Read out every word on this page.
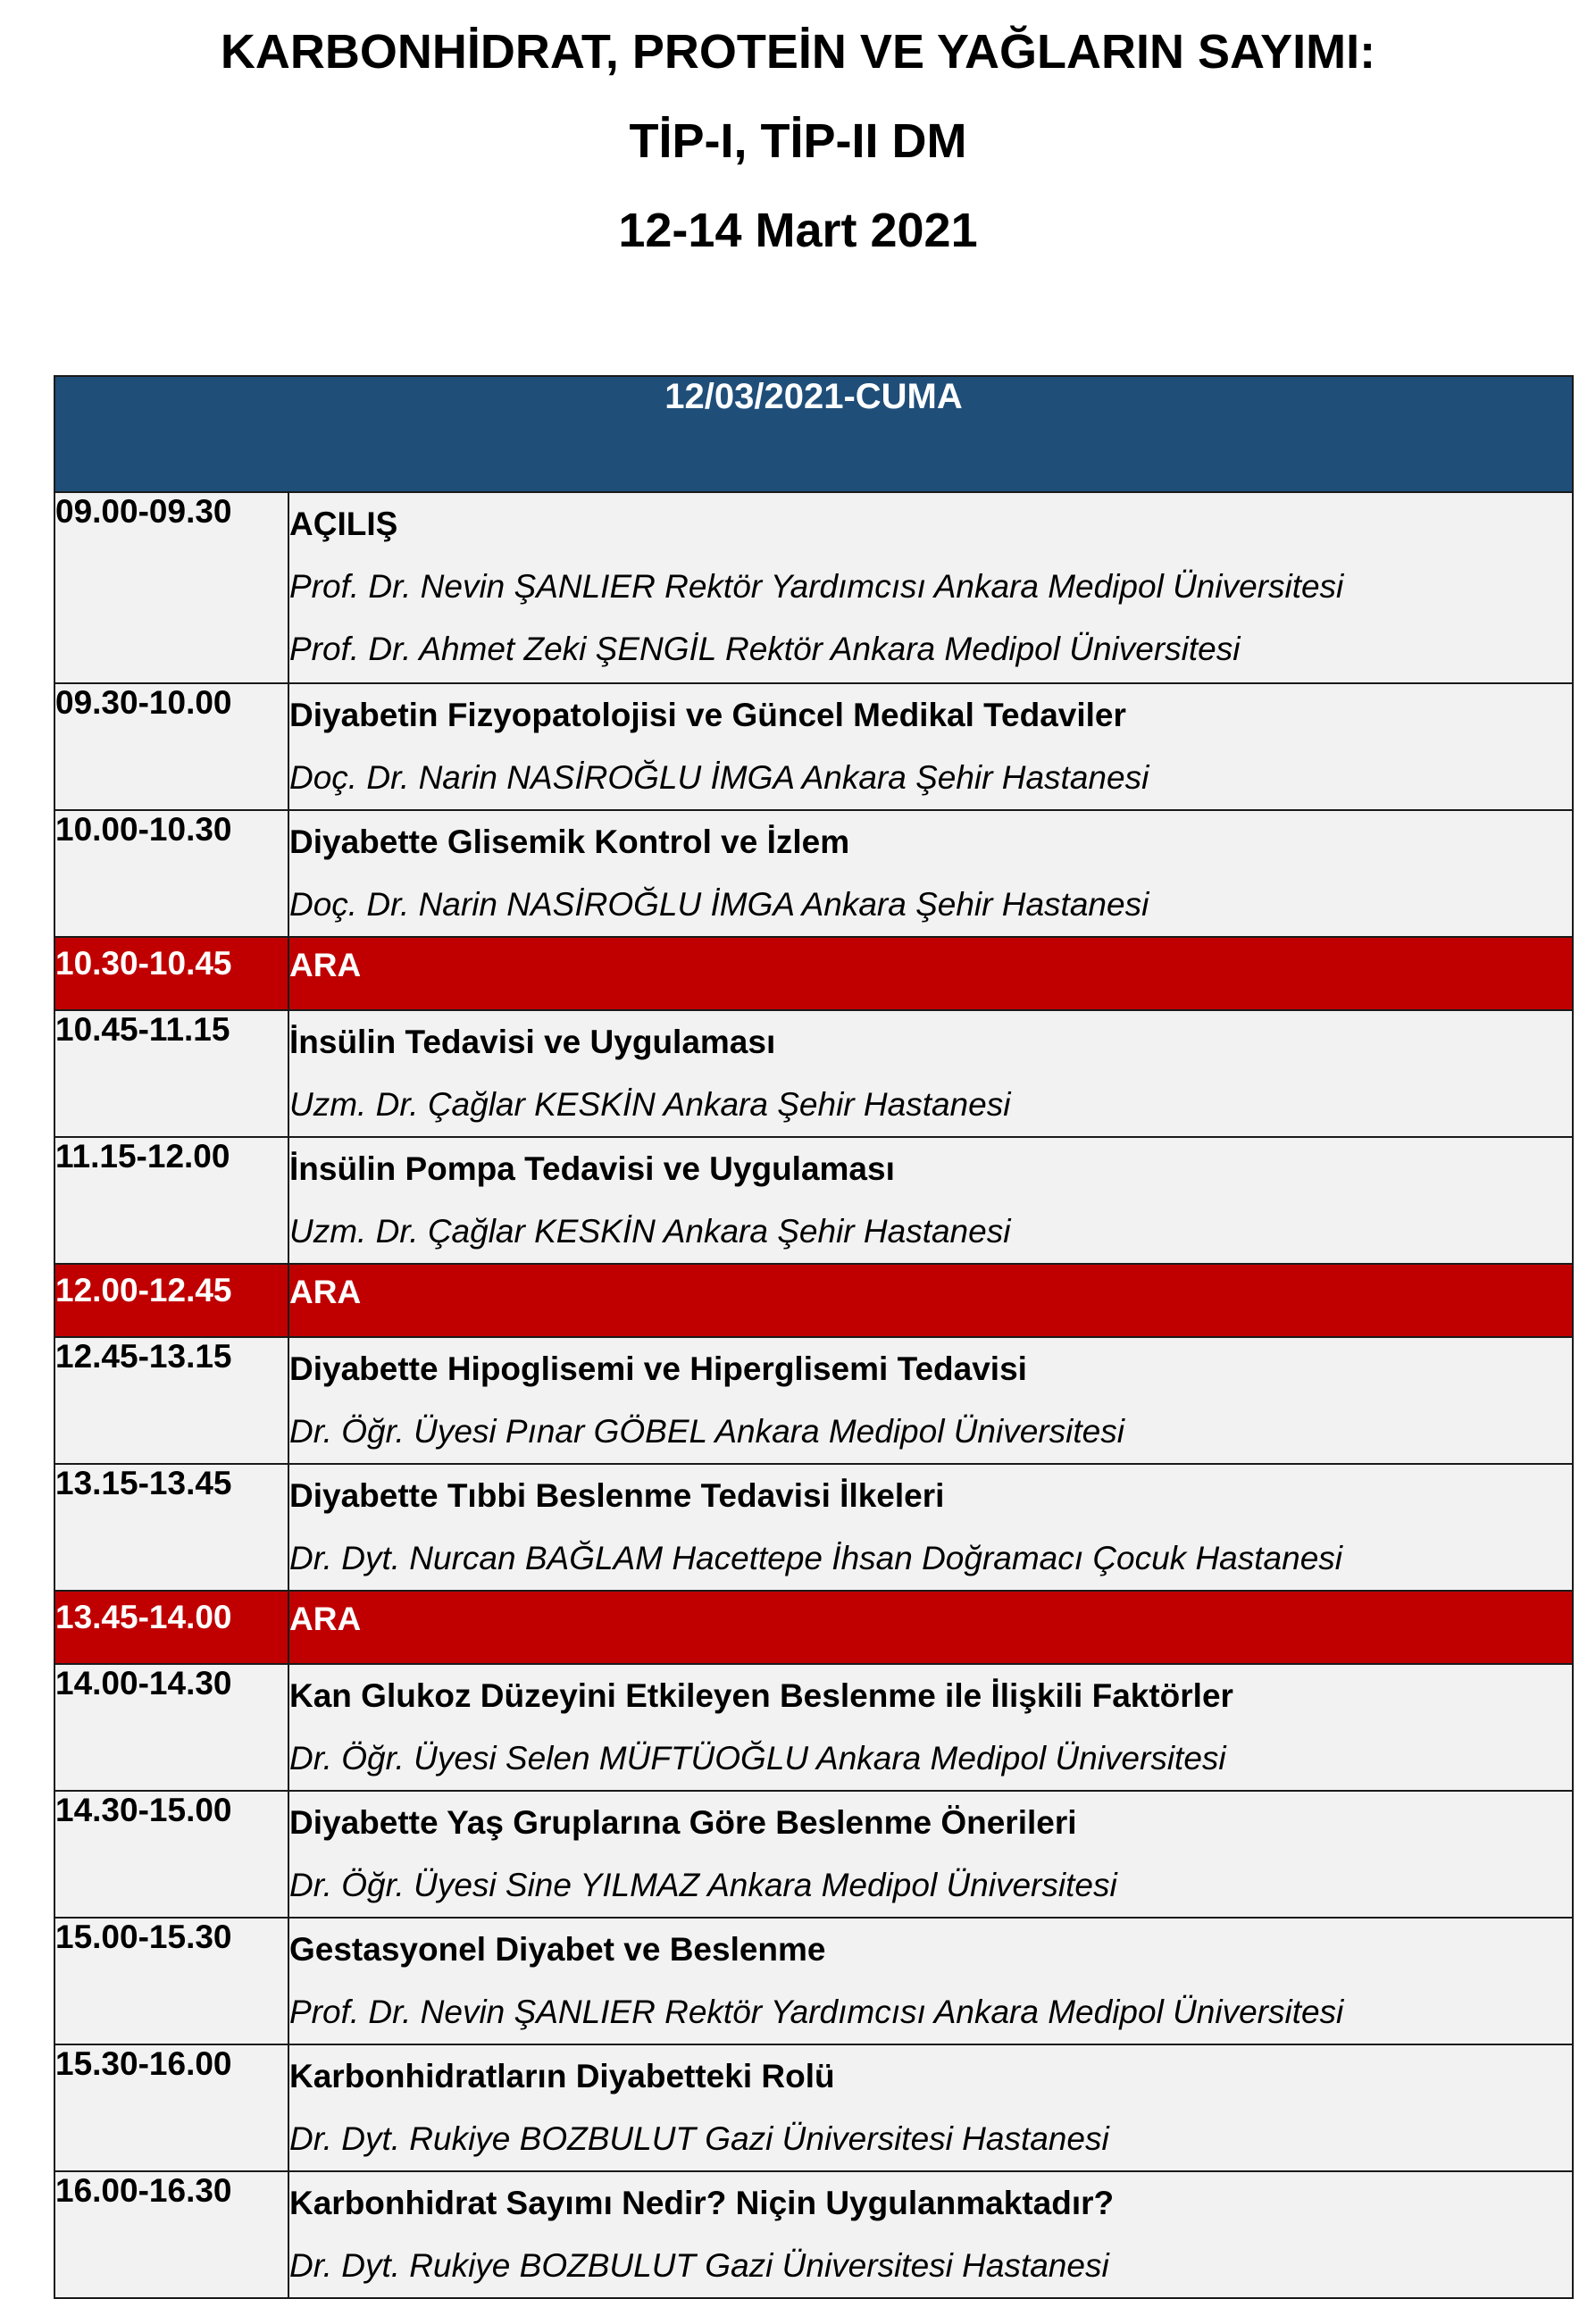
KARBONHİDRAT, PROTEİN VE YAĞLARIN SAYIMI:
TİP-I, TİP-II DM
12-14 Mart 2021
12/03/2021-CUMA	
09.00-09.30	AÇILIŞ
Prof. Dr. Nevin ŞANLIER Rektör Yardımcısı Ankara Medipol Üniversitesi
Prof. Dr. Ahmet Zeki ŞENGİL Rektör Ankara Medipol Üniversitesi

09.30-10.00	Diyabetin Fizyopatolojisi ve Güncel Medikal Tedaviler
Doç. Dr. Narin NASİROĞLU İMGA Ankara Şehir Hastanesi

10.00-10.30	Diyabette Glisemik Kontrol ve İzlem
Doç. Dr. Narin NASİROĞLU İMGA Ankara Şehir Hastanesi

10.30-10.45	ARA

10.45-11.15	İnsülin Tedavisi ve Uygulaması
Uzm. Dr. Çağlar KESKİN Ankara Şehir Hastanesi

11.15-12.00	İnsülin Pompa Tedavisi ve Uygulaması
Uzm. Dr. Çağlar KESKİN Ankara Şehir Hastanesi

12.00-12.45	ARA

12.45-13.15	Diyabette Hipoglisemi ve Hiperglisemi Tedavisi
Dr. Öğr. Üyesi Pınar GÖBEL Ankara Medipol Üniversitesi

13.15-13.45	Diyabette Tıbbi Beslenme Tedavisi İlkeleri
Dr. Dyt. Nurcan BAĞLAM Hacettepe İhsan Doğramacı Çocuk Hastanesi

13.45-14.00	ARA

14.00-14.30	Kan Glukoz Düzeyini Etkileyen Beslenme ile İlişkili Faktörler
Dr. Öğr. Üyesi Selen MÜFTÜOĞLU Ankara Medipol Üniversitesi

14.30-15.00	Diyabette Yaş Gruplarına Göre Beslenme Önerileri
Dr. Öğr. Üyesi Sine YILMAZ Ankara Medipol Üniversitesi

15.00-15.30	Gestasyonel Diyabet ve Beslenme
Prof. Dr. Nevin ŞANLIER Rektör Yardımcısı Ankara Medipol Üniversitesi

15.30-16.00	Karbonhidratların Diyabetteki Rolü
Dr. Dyt. Rukiye BOZBULUT Gazi Üniversitesi Hastanesi

16.00-16.30	Karbonhidrat Sayımı Nedir? Niçin Uygulanmaktadır?
Dr. Dyt. Rukiye BOZBULUT Gazi Üniversitesi Hastanesi
